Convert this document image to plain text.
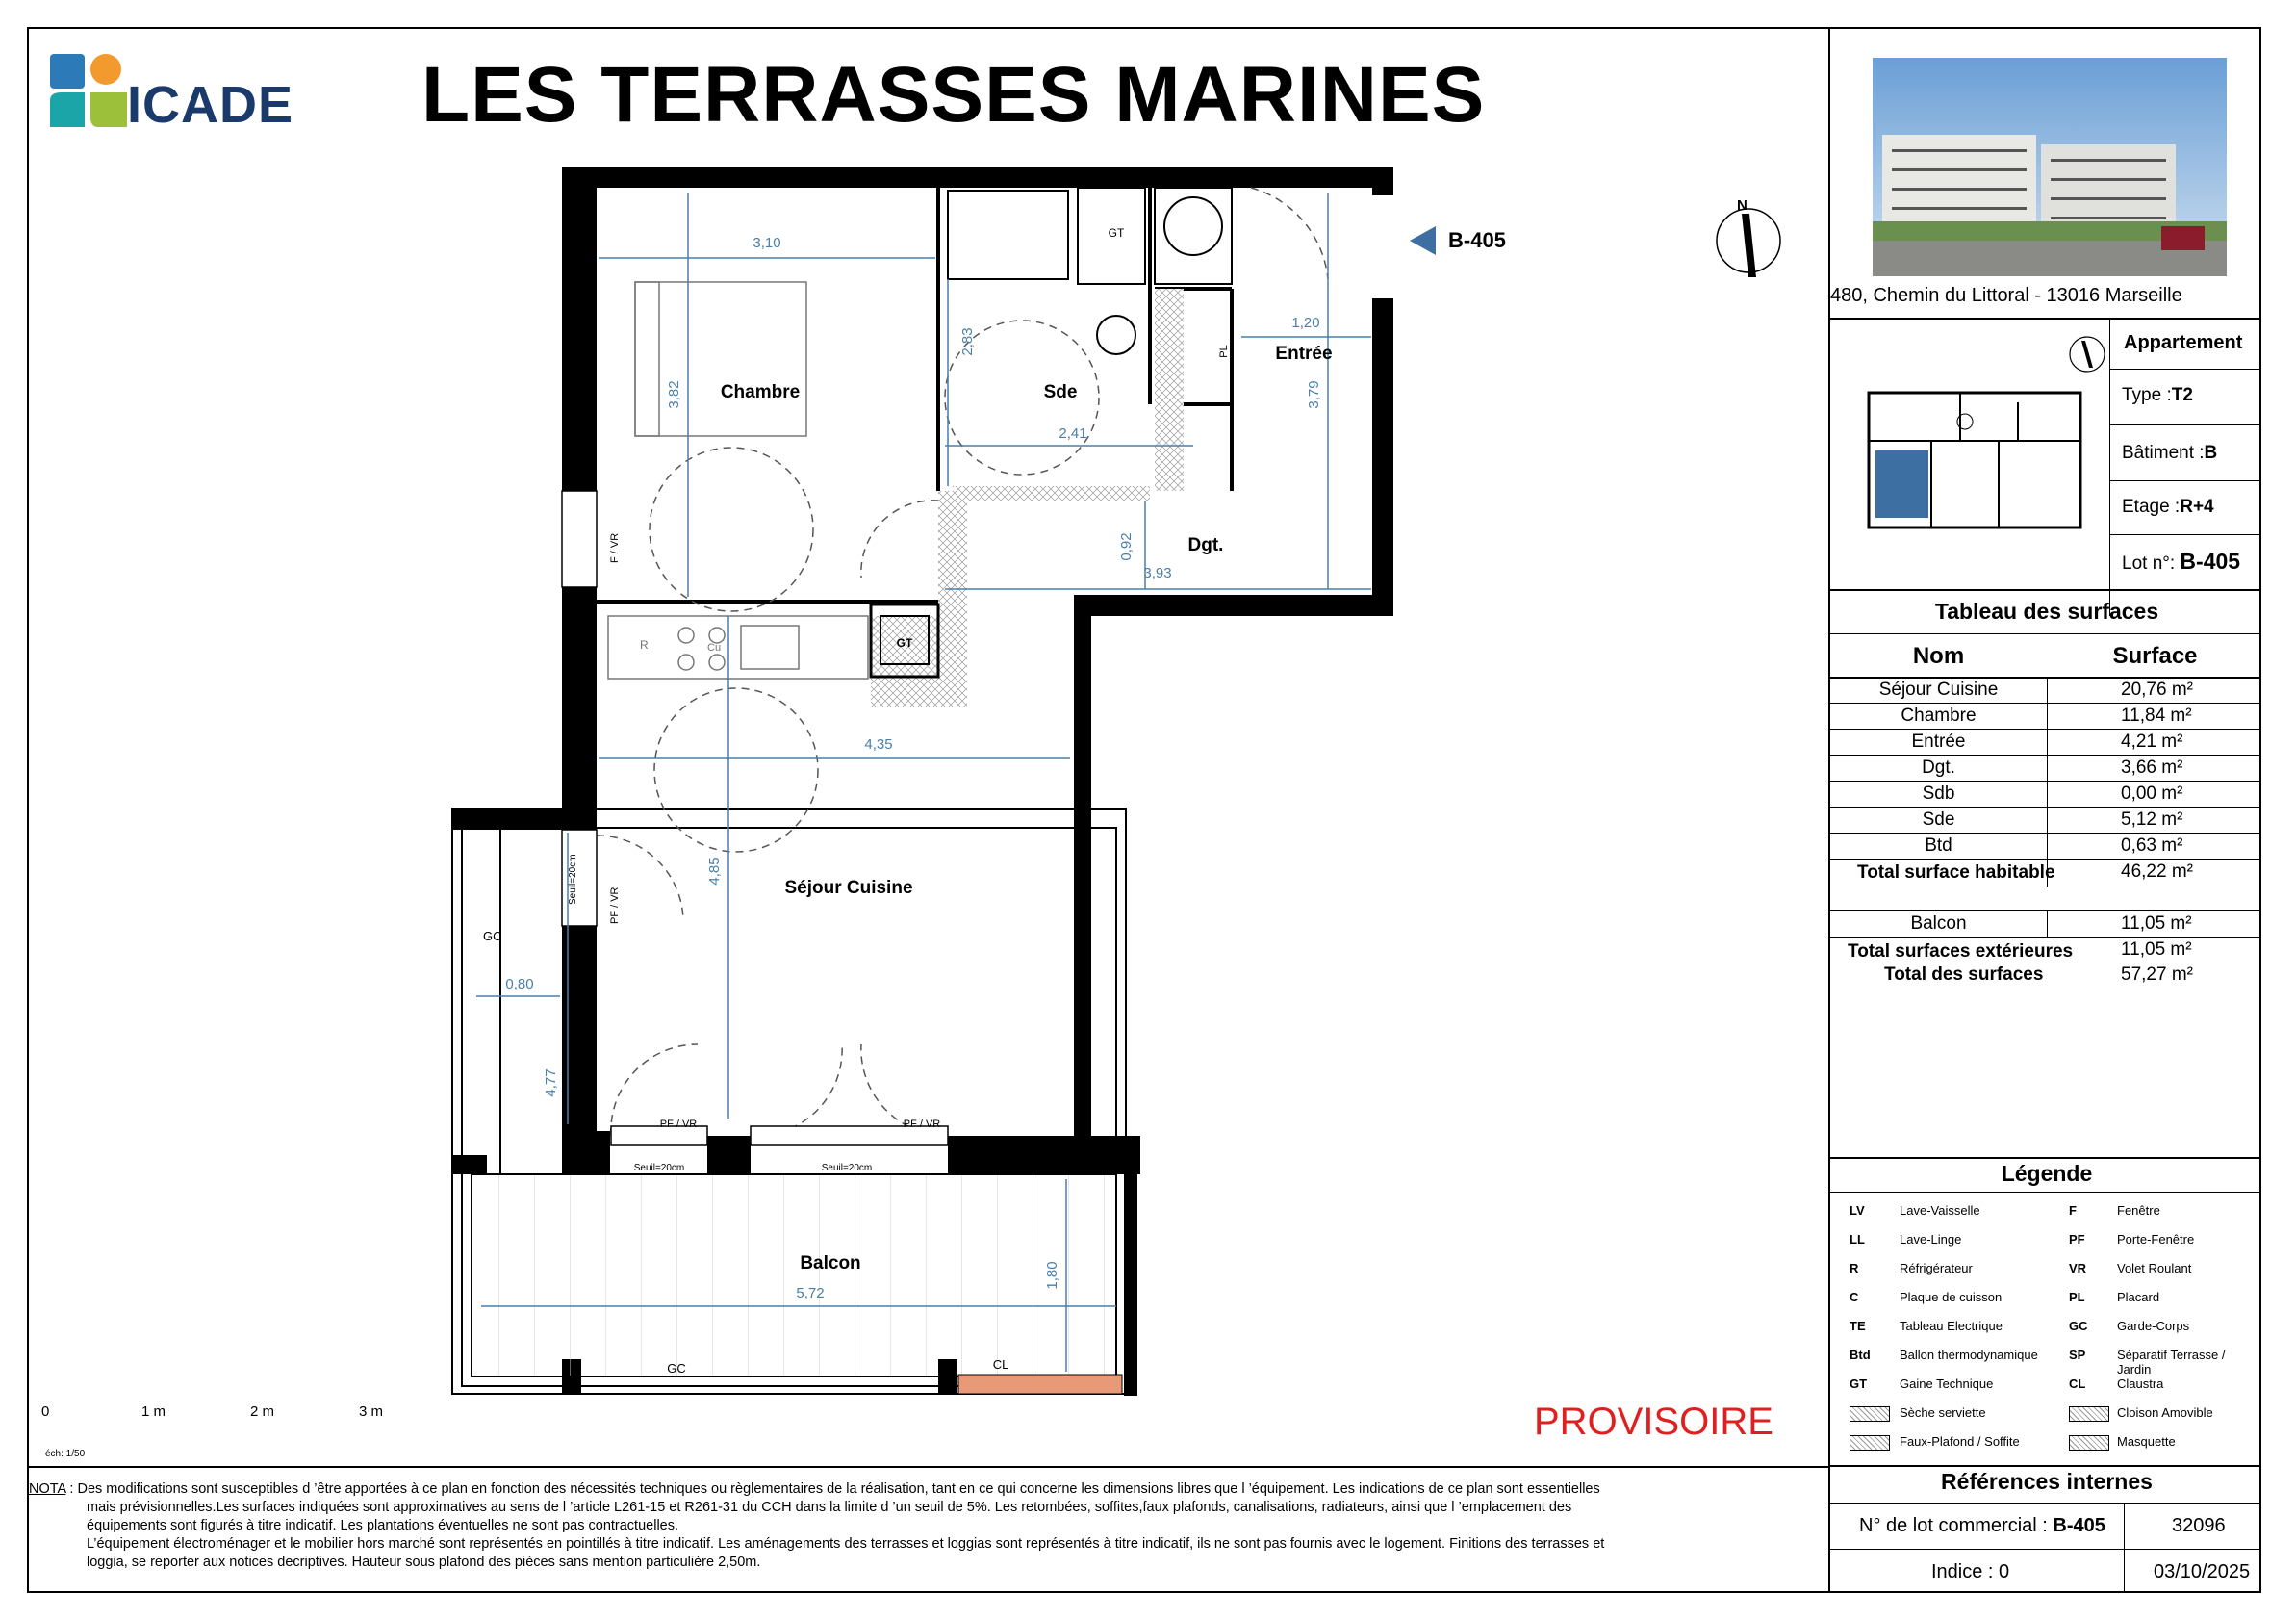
ICADE LES TERRASSES MARINES
GT
GT
PL
R	Cu
F / VR
PF / VR
Seuil=20cm
PF / VR	PF / VR
Seuil=20cm	Seuil=20cm
3,10
3,82
2,83
2,41
1,20
3,79
0,92
3,93
4,35
4,85
0,80
4,77
5,72
1,80
Chambre	Sde
Entrée
Dgt.
Séjour Cuisine
Balcon
GC
GC	CL
B-405
N
0	1 m	2 m	3 m
éch: 1/50
PROVISOIRE
NOTA : Des modifications sont susceptibles d ’être apportées à ce plan en fonction des nécessités techniques ou règlementaires de la réalisation, tant en ce qui concerne les dimensions libres que l ’équipement. Les indications de ce plan sont essentielles
mais prévisionnelles.Les surfaces indiquées sont approximatives au sens de l ’article L261-15 et R261-31 du CCH dans la limite d ’un seuil de 5%. Les retombées, soffites,faux plafonds, canalisations, radiateurs, ainsi que l ’emplacement des
équipements sont figurés à titre indicatif. Les plantations éventuelles ne sont pas contractuelles.
L’équipement électroménager et le mobilier hors marché sont représentés en pointillés à titre indicatif. Les aménagements des terrasses et loggias sont représentés à titre indicatif, ils ne sont pas fournis avec le logement. Finitions des terrasses et
loggia, se reporter aux notices decriptives. Hauteur sous plafond des pièces sans mention particulière 2,50m.
480, Chemin du Littoral - 13016 Marseille
Appartement
Type :T2
Bâtiment :B
Etage :R+4
Lot n°: B-405
Tableau des surfaces
Nom	Surface
Séjour Cuisine	20,76 m²
Chambre	11,84 m²
Entrée	4,21 m²
Dgt.	3,66 m²
Sdb	0,00 m²
Sde	5,12 m²
Btd	0,63 m²
Total surface habitable	46,22 m²
Balcon	11,05 m²
Total surfaces extérieures	11,05 m²
Total des surfaces	57,27 m²
Légende
LV	Lave-Vaisselle
LL	Lave-Linge
R	Réfrigérateur
C	Plaque de cuisson
TE	Tableau Electrique
Btd Ballon thermodynamique
GT	Gaine Technique
Sèche serviette
Faux-Plafond / Soffite
F	Fenêtre
PF	Porte-Fenêtre
VR Volet Roulant
PL	Placard
GC Garde-Corps
SP	Séparatif Terrasse / Jardin
CL	Claustra
Cloison Amovible
Masquette
Références internes
N° de lot commercial : B-405	32096
Indice : 0	03/10/2025
